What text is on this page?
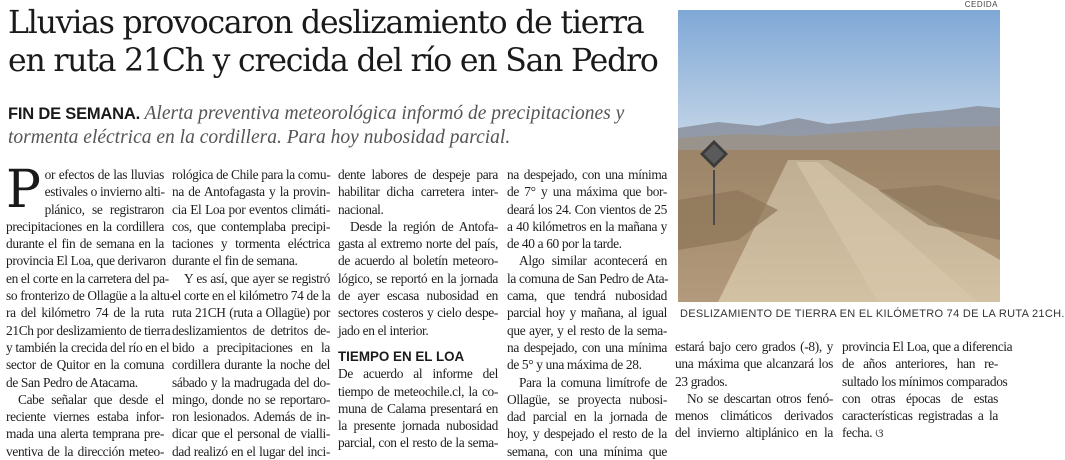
Lluvias provocaron deslizamiento de tierra
en ruta 21Ch y crecida del río en San Pedro
FIN DE SEMANA. Alerta preventiva meteorológica informó de precipitaciones y
tormenta eléctrica en la cordillera. Para hoy nubosidad parcial.
CEDIDA
DESLIZAMIENTO DE TIERRA EN EL KILÓMETRO 74 DE LA RUTA 21CH.
P or efectos de las lluvias
estivales o invierno alti-
plánico, se registraron
precipitaciones en la cordillera
durante el fin de semana en la
provincia El Loa, que derivaron
en el corte en la carretera del pa-
so fronterizo de Ollagüe a la altu-
ra del kilómetro 74 de la ruta
21Ch por deslizamiento de tierra
y también la crecida del río en el
sector de Quitor en la comuna
de San Pedro de Atacama.
Cabe señalar que desde el
reciente viernes estaba infor-
mada una alerta temprana pre-
ventiva de la dirección meteo-
rológica de Chile para la comu-
na de Antofagasta y la provin-
cia El Loa por eventos climáti-
cos, que contemplaba precipi-
taciones y tormenta eléctrica
durante el fin de semana.
Y es así, que ayer se registró
el corte en el kilómetro 74 de la
ruta 21CH (ruta a Ollagüe) por
deslizamientos de detritos de-
bido a precipitaciones en la
cordillera durante la noche del
sábado y la madrugada del do-
mingo, donde no se reportaro-
ron lesionados. Además de in-
dicar que el personal de vialli-
dad realizó en el lugar del inci-
dente labores de despeje para
habilitar dicha carretera inter-
nacional.
Desde la región de Antofa-
gasta al extremo norte del país,
de acuerdo al boletín meteoro-
lógico, se reportó en la jornada
de ayer escasa nubosidad en
sectores costeros y cielo despe-
jado en el interior.
TIEMPO EN EL LOA
De acuerdo al informe del
tiempo de meteochile.cl, la co-
muna de Calama presentará en
la presente jornada nubosidad
parcial, con el resto de la sema-
na despejado, con una mínima
de 7° y una máxima que bor-
deará los 24. Con vientos de 25
a 40 kilómetros en la mañana y
de 40 a 60 por la tarde.
Algo similar acontecerá en
la comuna de San Pedro de Ata-
cama, que tendrá nubosidad
parcial hoy y mañana, al igual
que ayer, y el resto de la sema-
na despejado, con una mínima
de 5° y una máxima de 28.
Para la comuna limítrofe de
Ollagüe, se proyecta nubosi-
dad parcial en la jornada de
hoy, y despejado el resto de la
semana, con una mínima que
estará bajo cero grados (-8), y
una máxima que alcanzará los
23 grados.
No se descartan otros fenó-
menos climáticos derivados
del invierno altiplánico en la
provincia El Loa, que a diferencia
de años anteriores, han re-
sultado los mínimos comparados
con otras épocas de estas
características registradas a la
fecha. ଓ
